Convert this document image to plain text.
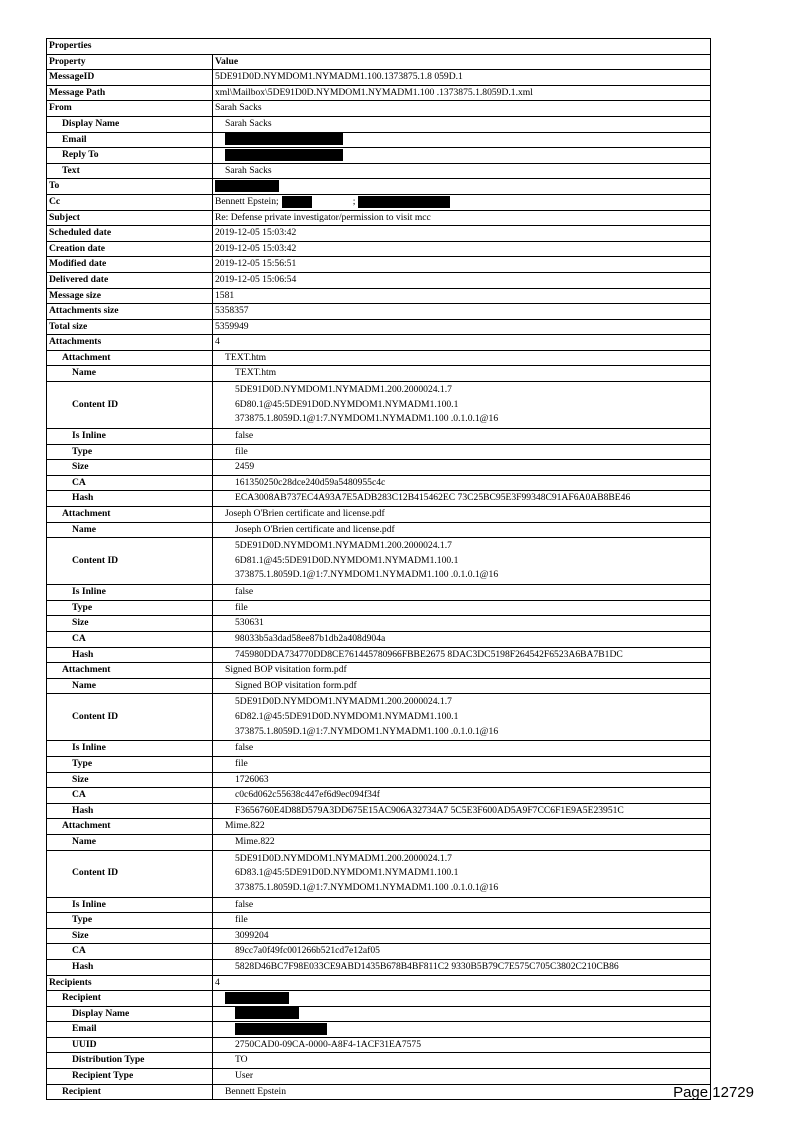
Properties	
Property	Value
MessageID	5DE91D0D.NYMDOM1.NYMADM1.100.1373875.1.8 059D.1
Message Path	xml\Mailbox\5DE91D0D.NYMDOM1.NYMADM1.100 .1373875.1.8059D.1.xml
From	Sarah Sacks
Display Name	Sarah Sacks
Email	
Reply To	
Text	Sarah Sacks
To	
Cc	Bennett Epstein; ;
Subject	Re: Defense private investigator/permission to visit mcc
Scheduled date	2019-12-05 15:03:42
Creation date	2019-12-05 15:03:42
Modified date	2019-12-05 15:56:51
Delivered date	2019-12-05 15:06:54
Message size	1581
Attachments size	5358357
Total size	5359949
Attachments	4
Attachment	TEXT.htm
Name	TEXT.htm
Content ID	5DE91D0D.NYMDOM1.NYMADM1.200.2000024.1.7
6D80.1@45:5DE91D0D.NYMDOM1.NYMADM1.100.1
373875.1.8059D.1@1:7.NYMDOM1.NYMADM1.100 .0.1.0.1@16

Is Inline	false
Type	file
Size	2459
CA	161350250c28dce240d59a5480955c4c
Hash	ECA3008AB737EC4A93A7E5ADB283C12B415462EC 73C25BC95E3F99348C91AF6A0AB8BE46
Attachment	Joseph O'Brien certificate and license.pdf
Name	Joseph O'Brien certificate and license.pdf
Content ID	5DE91D0D.NYMDOM1.NYMADM1.200.2000024.1.7
6D81.1@45:5DE91D0D.NYMDOM1.NYMADM1.100.1
373875.1.8059D.1@1:7.NYMDOM1.NYMADM1.100 .0.1.0.1@16

Is Inline	false
Type	file
Size	530631
CA	98033b5a3dad58ee87b1db2a408d904a
Hash	745980DDA734770DD8CE761445780966FBBE2675 8DAC3DC5198F264542F6523A6BA7B1DC
Attachment	Signed BOP visitation form.pdf
Name	Signed BOP visitation form.pdf
Content ID	5DE91D0D.NYMDOM1.NYMADM1.200.2000024.1.7
6D82.1@45:5DE91D0D.NYMDOM1.NYMADM1.100.1
373875.1.8059D.1@1:7.NYMDOM1.NYMADM1.100 .0.1.0.1@16

Is Inline	false
Type	file
Size	1726063
CA	c0c6d062c55638c447ef6d9ec094f34f
Hash	F3656760E4D88D579A3DD675E15AC906A32734A7 5C5E3F600AD5A9F7CC6F1E9A5E23951C
Attachment	Mime.822
Name	Mime.822
Content ID	5DE91D0D.NYMDOM1.NYMADM1.200.2000024.1.7
6D83.1@45:5DE91D0D.NYMDOM1.NYMADM1.100.1
373875.1.8059D.1@1:7.NYMDOM1.NYMADM1.100 .0.1.0.1@16

Is Inline	false
Type	file
Size	3099204
CA	89cc7a0f49fc001266b521cd7e12af05
Hash	5828D46BC7F98E033CE9ABD1435B678B4BF811C2 9330B5B79C7E575C705C3802C210CB86
Recipients	4
Recipient	
Display Name	
Email	
UUID	2750CAD0-09CA-0000-A8F4-1ACF31EA7575
Distribution Type	TO
Recipient Type	User
Recipient	Bennett Epstein	Page 12729
